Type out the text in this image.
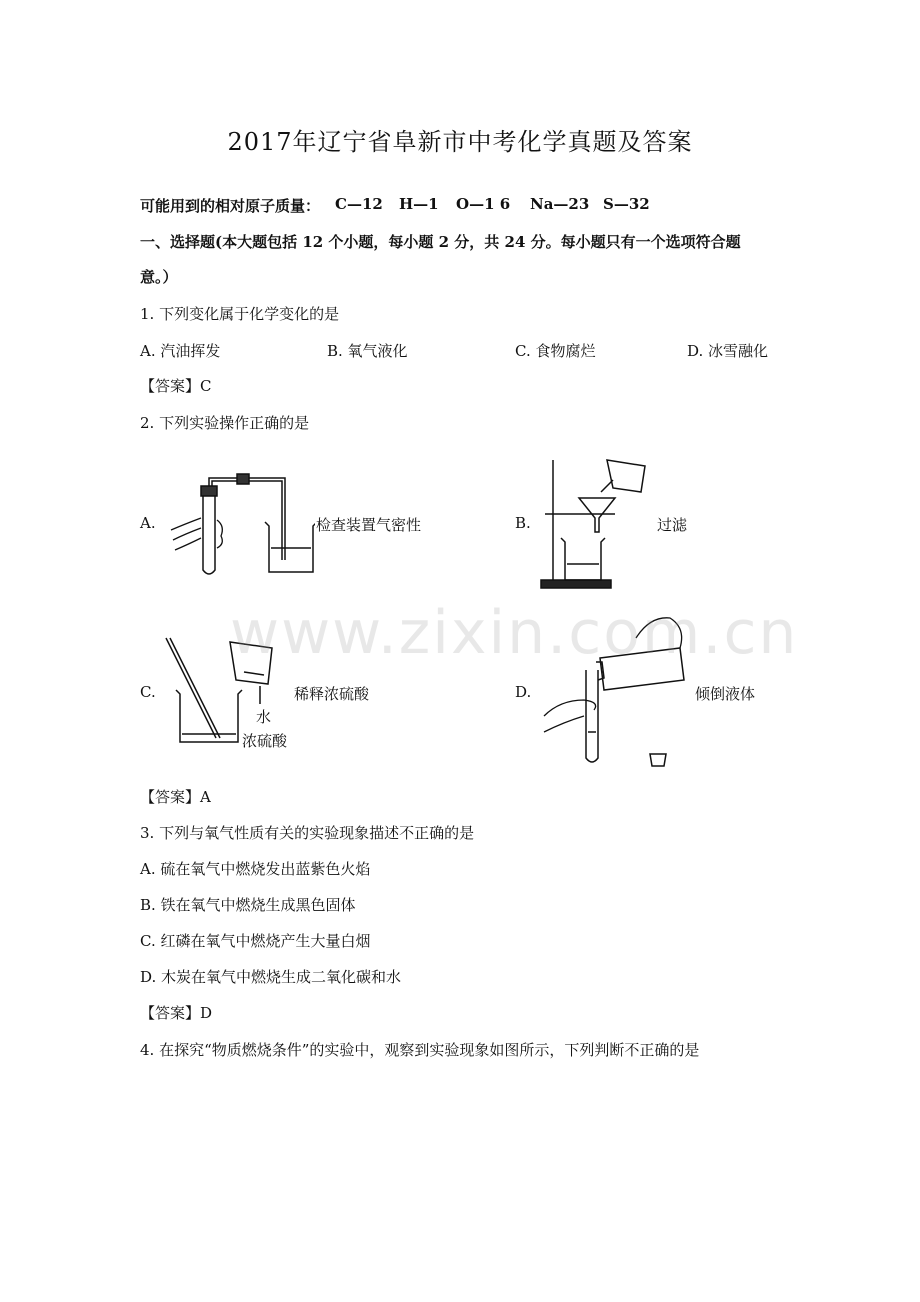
2017年辽宁省阜新市中考化学真题及答案
可能用到的相对原子质量： C—12 H—1 O—1 6 Na—23 S—32
一、选择题(本大题包括 12 个小题，每小题 2 分，共 24 分。每小题只有一个选项符合题
意。）
1. 下列变化属于化学变化的是
A. 汽油挥发	B. 氧气液化	C. 食物腐烂	D. 冰雪融化
【答案】C
2. 下列实验操作正确的是
A.	检查装置气密性	B.	过滤
C.
水
浓硫酸
稀释浓硫酸	D.	倾倒液体
www.zixin.com.cn
【答案】A
3. 下列与氧气性质有关的实验现象描述不正确的是
A. 硫在氧气中燃烧发出蓝紫色火焰
B. 铁在氧气中燃烧生成黑色固体
C. 红磷在氧气中燃烧产生大量白烟
D. 木炭在氧气中燃烧生成二氧化碳和水
【答案】D
4. 在探究“物质燃烧条件”的实验中，观察到实验现象如图所示，下列判断不正确的是
